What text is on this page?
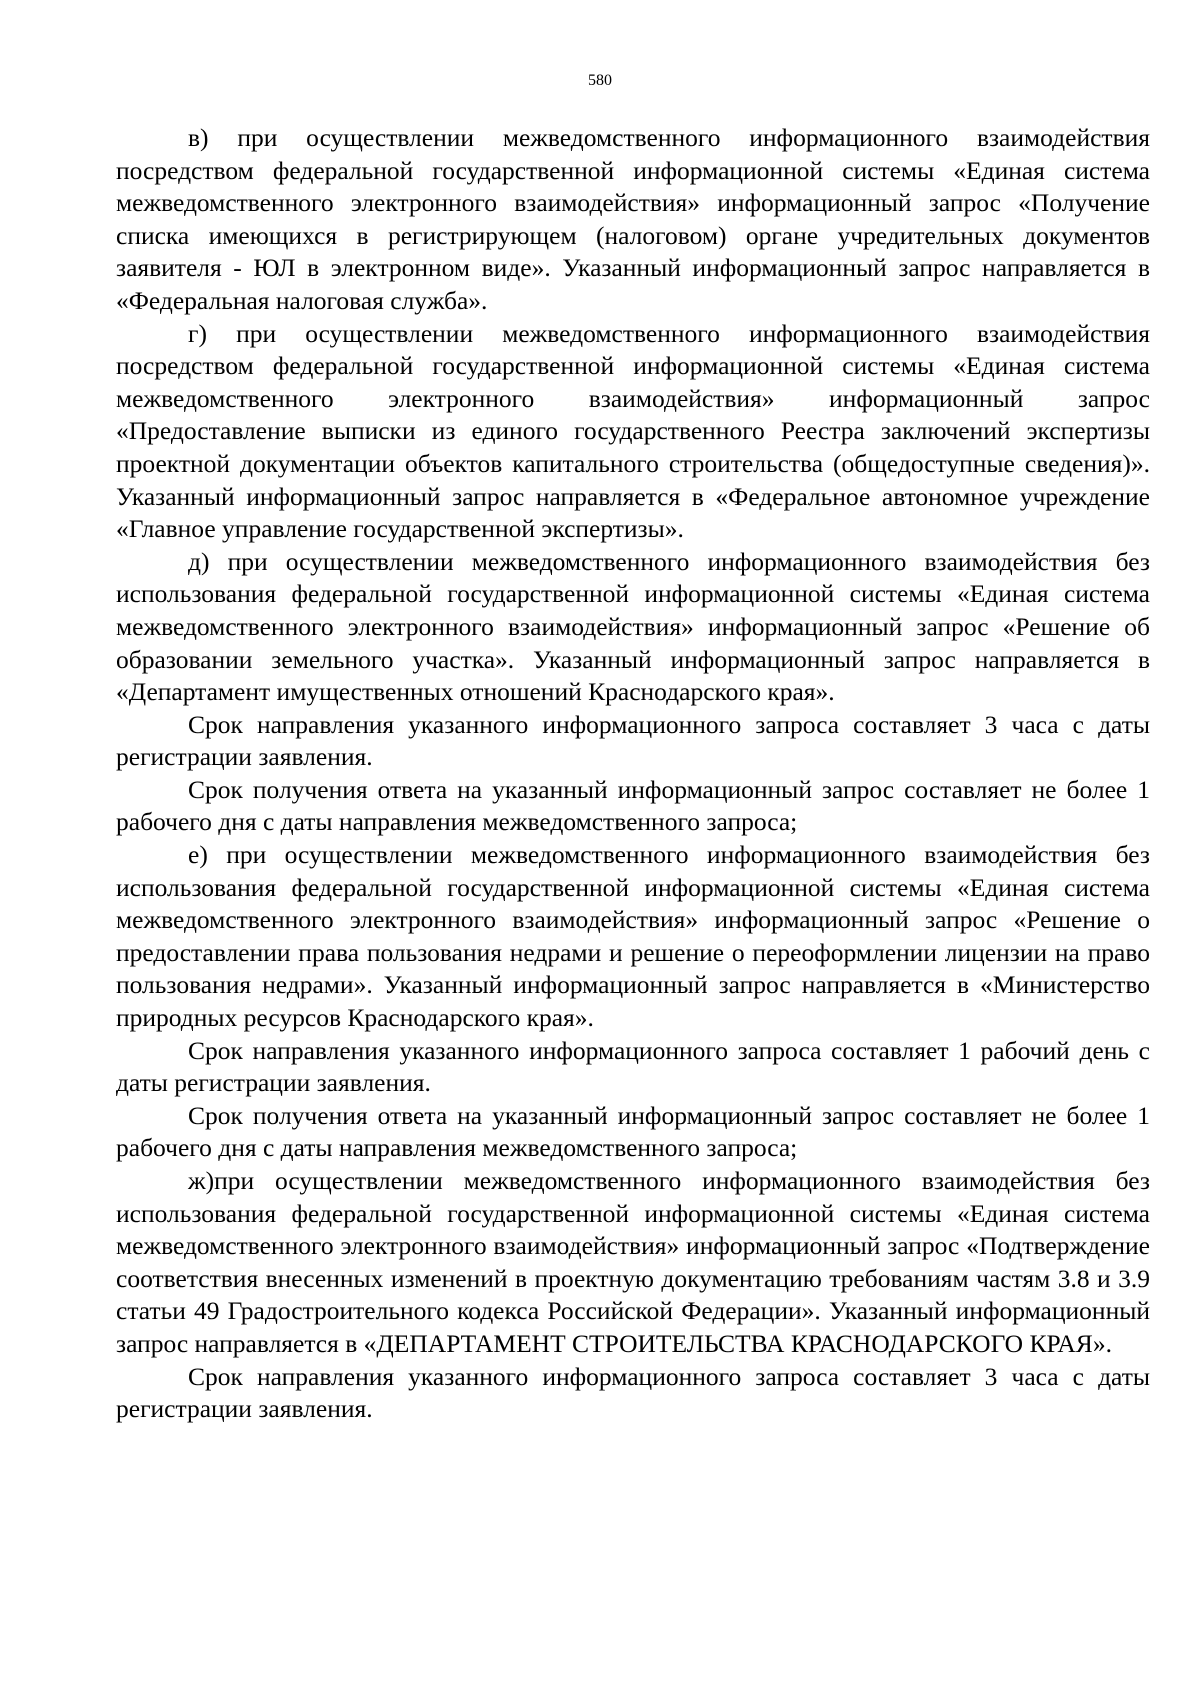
580

в) при осуществлении межведомственного информационного взаимодействия посредством федеральной государственной информационной системы «Единая система межведомственного электронного взаимодействия» информационный запрос «Получение списка имеющихся в регистрирующем (налоговом) органе учредительных документов заявителя - ЮЛ в электронном виде». Указанный информационный запрос направляется в «Федеральная налоговая служба».

г) при осуществлении межведомственного информационного взаимодействия посредством федеральной государственной информационной системы «Единая система межведомственного электронного взаимодействия» информационный запрос «Предоставление выписки из единого государственного Реестра заключений экспертизы проектной документации объектов капитального строительства (общедоступные сведения)». Указанный информационный запрос направляется в «Федеральное автономное учреждение «Главное управление государственной экспертизы».

д) при осуществлении межведомственного информационного взаимодействия без использования федеральной государственной информационной системы «Единая система межведомственного электронного взаимодействия» информационный запрос «Решение об образовании земельного участка». Указанный информационный запрос направляется в «Департамент имущественных отношений Краснодарского края».

Срок направления указанного информационного запроса составляет 3 часа с даты регистрации заявления.

Срок получения ответа на указанный информационный запрос составляет не более 1 рабочего дня с даты направления межведомственного запроса;

е) при осуществлении межведомственного информационного взаимодействия без использования федеральной государственной информационной системы «Единая система межведомственного электронного взаимодействия» информационный запрос «Решение о предоставлении права пользования недрами и решение о переоформлении лицензии на право пользования недрами». Указанный информационный запрос направляется в «Министерство природных ресурсов Краснодарского края».

Срок направления указанного информационного запроса составляет 1 рабочий день с даты регистрации заявления.

Срок получения ответа на указанный информационный запрос составляет не более 1 рабочего дня с даты направления межведомственного запроса;

ж)при осуществлении межведомственного информационного взаимодействия без использования федеральной государственной информационной системы «Единая система межведомственного электронного взаимодействия» информационный запрос «Подтверждение соответствия внесенных изменений в проектную документацию требованиям частям 3.8 и 3.9 статьи 49 Градостроительного кодекса Российской Федерации». Указанный информационный запрос направляется в «ДЕПАРТАМЕНТ СТРОИТЕЛЬСТВА КРАСНОДАРСКОГО КРАЯ».

Срок направления указанного информационного запроса составляет 3 часа с даты регистрации заявления.
